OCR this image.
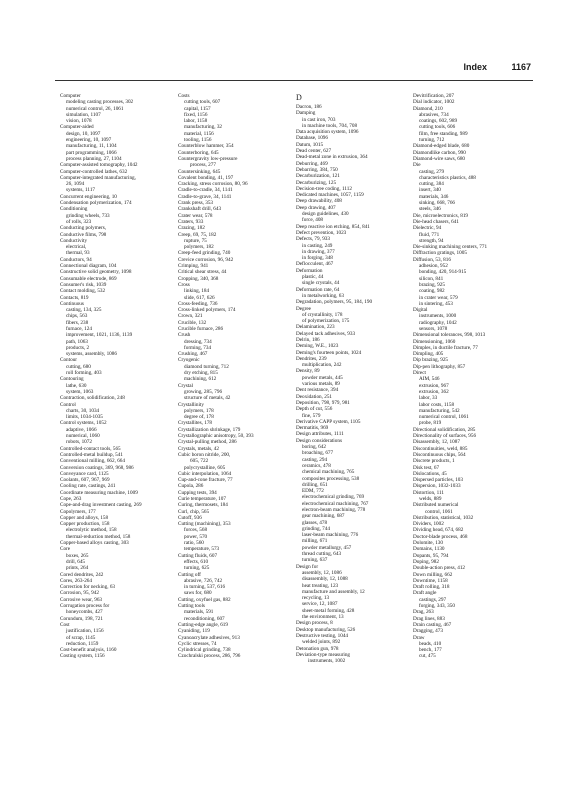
Index	1167
Computer
modeling casting processes, 302
numerical control, 26, 1061
simulation, 1107
vision, 1078
Computer-aided
design, 10, 1097
engineering, 10, 1097
manufacturing, 11, 1104
part programming, 1066
process planning, 27, 1104
Computer-assisted tomography, 1042
Computer-controlled lathes, 632
Computer-integrated manufacturing,
26, 1094
systems, 1117
Concurrent engineering, 10
Condensation polymerization, 174
Conditioning
grinding wheels, 733
of rolls, 323
Conducting polymers,
Conductive films, 798
Conductivity
electrical,
thermal, 93
Conductors, 94
Connectional diagram, 104
Constructive solid geometry, 1098
Consumable electrode, 869
Consumer's risk, 1039
Contact molding, 532
Contacts, 819
Continuous
casting, 134, 325
chips, 563
fibers, 238
furnace, 124
improvement, 1021, 1136, 1139
path, 1063
products, 2
systems, assembly, 1086
Contour
cutting, 680
roll forming, 403
Contouring
lathe, 630
system, 1063
Contraction, solidification, 248
Control
charts, 30, 1034
limits, 1034-1035
Control systems, 1052
adaptive, 1066
numerical, 1060
robots, 1072
Controlled-contact tools, 565
Controlled-metal buildup, 541
Conventional milling, 662, 664
Conversion coatings, 369, 968, 986
Conveyance card, 1125
Coolants, 607, 967, 969
Cooling rate, castings, 241
Coordinate measuring machine, 1009
Cope, 263
Cope-and-drag investment casting, 269
Copolymers, 177
Copper and alloys, 158
Copper production, 158
electrolytic method, 158
thermal-reduction method, 158
Copper-based alloys casting, 303
Core
boxes, 265
drill, 645
prints, 264
Cored dendrites, 242
Cores, 263-264
Correction for necking, 63
Corrosion, 95, 942
Corrosive wear, 963
Corrugation process for
honeycombs, 427
Corundum, 198, 721
Cost
justification, 1156
of scrap, 1145
reduction, 1159
Cost-benefit analysis, 1160
Costing system, 1156
Costs
cutting tools, 607
capital, 1157
fixed, 1156
labor, 1158
manufacturing, 32
material, 1156
tooling, 1156
Counterblow hammer, 354
Counterboring, 645
Countergravity low-pressure
process, 277
Countersinking, 645
Covalent bonding, 41, 197
Cracking, stress corrosion, 80, 96
Cradle-to-cradle, 34, 1141
Cradle-to-grave, 34, 1141
Crank press, 353
Crankshaft drill, 643
Crater wear, 578
Craters, 933
Crazing, 182
Creep, 69, 75, 182
rupture, 75
polymers, 182
Creep-feed grinding, 740
Crevice corrosion, 96, 942
Crimping, 941
Critical shear stress, 44
Cropping, 340, 368
Cross
linking, 184
slide, 617, 626
Cross-feeding, 736
Cross-linked polymers, 174
Crown, 321
Crucible, 132
Crucible furnace, 286
Crush
dressing, 734
forming, 734
Crushing, 467
Cryogenic
diamond turning, 712
dry etching, 815
machining, 612
Crystal
growing, 285, 796
structure of metals, 42
Crystallinity
polymers, 178
degree of, 178
Crystallites, 178
Crystallization shrinkage, 179
Crystallographic anisotropy, 50, 393
Crystal-pulling method, 286
Crystals, metals, 42
Cubic boron nitride, 200,
605, 722
polycrystalline, 605
Cubic interpolation, 1064
Cup-and-cone fracture, 77
Cupola, 286
Cupping tests, 394
Curie temperature, 107
Curing, thermosets, 184
Curl, chip, 565
Cutoff, 936
Cutting (machining), 353
forces, 568
power, 570
ratio, 560
temperature, 573
Cutting fluids, 607
effects, 610
turning, 625
Cutting off
abrasive, 726, 742
in turning, 537, 616
saws for, 680
Cutting, oxyfuel gas, 882
Cutting tools
materials, 591
reconditioning, 607
Cutting-edge angle, 619
Cyaniding, 119
Cyanoacrylate adhesives, 913
Cyclic stresses, 74
Cylindrical grinding, 738
Czochralski process, 286, 796
D
Dacron, 186
Damping
in cast iron, 703
in machine tools, 704, 708
Data acquisition system, 1096
Database, 1096
Datum, 1015
Dead center, 627
Dead-metal zone in extrusion, 364
Deburring, 469
Debarring, 384, 750
Decarburization, 121
Decarburizing, 125
Decision-tree coding, 1112
Dedicated machines, 1057, 1159
Deep drawability, 408
Deep drawing, 407
design guidelines, 430
force, 408
Deep reactive ion etching, 854, 841
Defect prevention, 1023
Defects, 79, 933
in casting, 249
in drawing, 377
in forging, 348
Deflocculent, 467
Deformation
plastic, 44
single crystals, 44
Deformation rate, 64
in metalworking, 63
Degradation, polymers, 95, 184, 190
Degree
of crystallinity, 178
of polymerization, 175
Delamination, 223
Delayed tack adhesives, 933
Delrin, 186
Deming, W.E., 1023
Deming's fourteen points, 1024
Dendrites, 239
multiplication, 242
Density, 89
powder metals, 445
various metals, 89
Dent resistance, 394
Deoxidation, 251
Deposition, 798, 979, 981
Depth of cut, 556
fine, 579
Derivative CAPP system, 1105
Dermatitis, 969
Design attributes, 1111
Design considerations
boring, 642
broaching, 677
casting, 294
ceramics, 478
chemical machining, 765
composites processing, 538
drilling, 651
EDM, 772
electrochemical grinding, 769
electrochemical machining, 767
electron-beam machining, 778
gear machining, 687
glasses, 478
grinding, 744
laser-beam machining, 776
milling, 671
powder metallurgy, 457
thread cutting, 643
turning, 637
Design for
assembly, 12, 1086
disassembly, 12, 1088
heat treating, 123
manufacture and assembly, 12
recycling, 13
service, 12, 1087
sheet-metal forming, 428
the environment, 13
Design process, 8
Desktop manufacturing, 526
Destructive testing, 1044
welded joints, 892
Detonation gun, 978
Deviation-type measuring
instruments, 1002
Devitrification, 207
Dial indicator, 1002
Diamond, 210
abrasives, 734
coatings, 602, 989
cutting tools, 606
film, free standing, 989
turning, 712
Diamond-edged blade, 680
Diamondlike carbon, 990
Diamond-wire saws, 680
Die
casting, 279
characteristics plastics, 488
cutting, 384
insert, 340
materials, 346
sinking, 668, 766
steels, 346
Die, microelectronics, 819
Die-head chasers, 641
Dielectric, 94
fluid, 771
strength, 94
Die-sinking machining centers, 771
Diffraction gratings, 1005
Diffusion, 53, 816
adhesion, 952
bonding, 420, 914-915
silicon, 841
brazing, 925
coating, 982
in crater wear, 579
in sintering, 453
Digital
instruments, 1000
radiography, 1042
sensors, 1078
Dimensional tolerances, 998, 1013
Dimensioning, 1060
Dimples, in ductile fracture, 77
Dimpling, 405
Dip brazing, 925
Dip-pen lithography, 857
Direct
AIM, 546
extrusion, 967
extrusion, 362
labor, 33
labor costs, 1158
manufacturing, 542
numerical control, 1061
probe, 819
Directional solidification, 285
Directionality of surfaces, 956
Disassembly, 12, 1087
Discontinuities, weld, 885
Discontinuous chips, 564
Discrete products, 1
Disk test, 67
Dislocations, 45
Dispersed particles, 103
Dispersion, 1032-1033
Distortion, 111
welds, 889
Distributed numerical
control, 1061
Distribution, statistical, 1032
Dividers, 1002
Dividing head, 674, 682
Doctor-blade process, 468
Dolomite, 130
Domains, 1130
Dopants, 95, 794
Doping, 982
Double-action press, 412
Down milling, 662
Downtime, 1158
Draft rolling, 318
Draft angle
castings, 297
forging, 343, 350
Drag, 263
Drag lines, 883
Drain casting, 467
Dragging, 473
Draw
beads, 410
bench, 177
cut, 475
